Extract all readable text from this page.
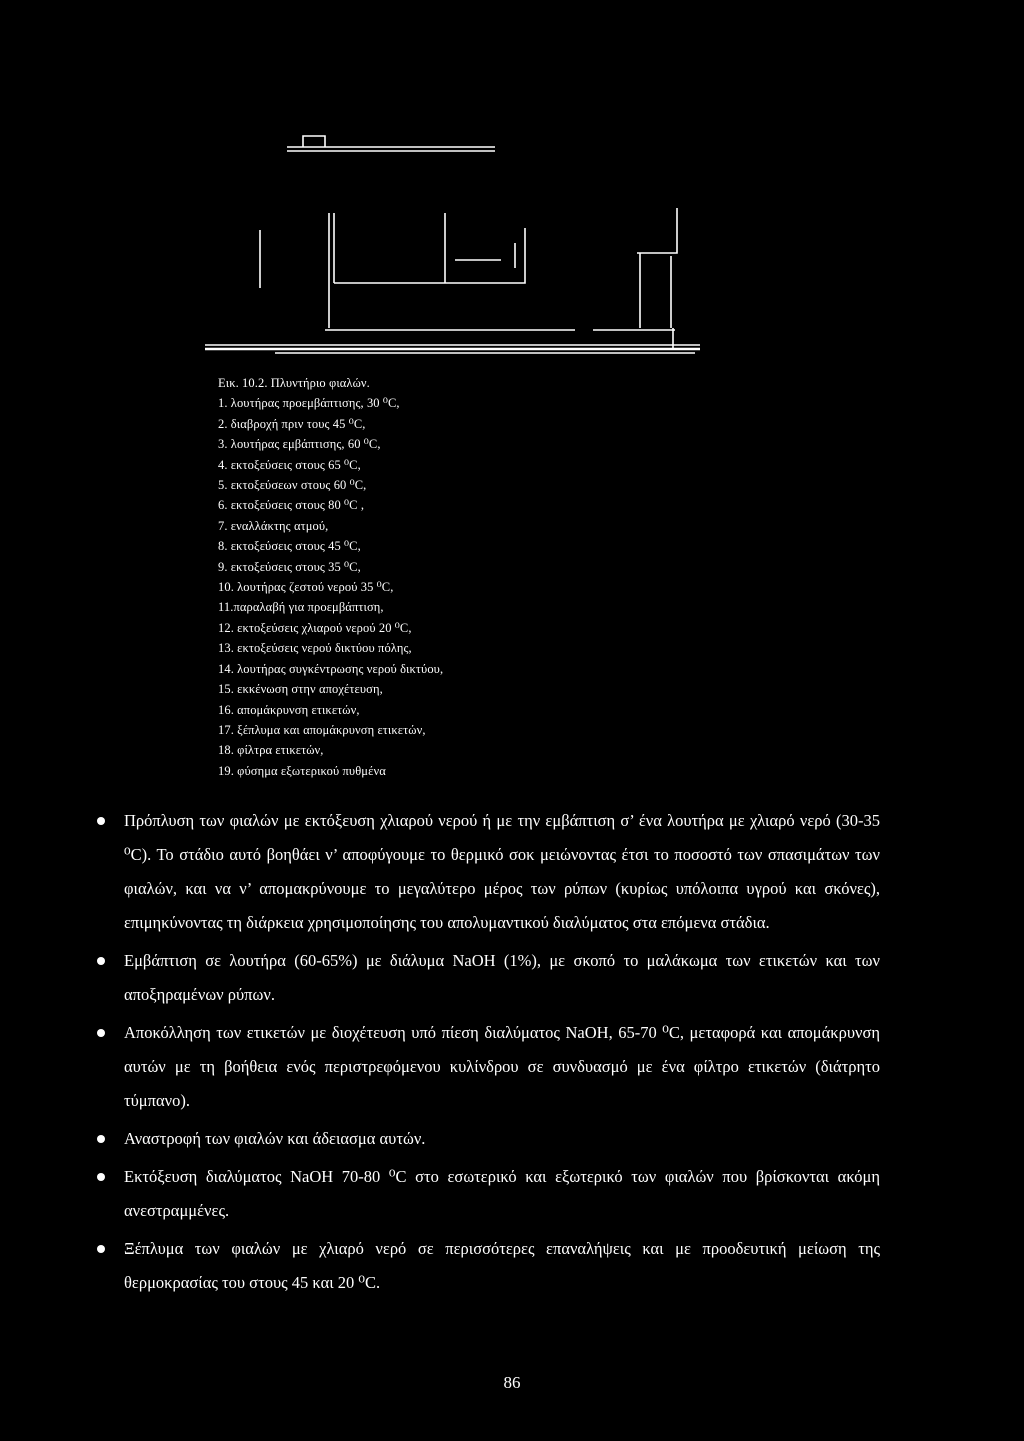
Εικ. 10.2. Πλυντήριο φιαλών.
1. λουτήρας προεμβάπτισης, 30 ⁰C,
2. διαβροχή πριν τους 45 ⁰C,
3. λουτήρας εμβάπτισης, 60 ⁰C,
4. εκτοξεύσεις στους 65 ⁰C,
5. εκτοξεύσεων στους 60 ⁰C,
6. εκτοξεύσεις στους 80 ⁰C ,
7. εναλλάκτης ατμού,
8. εκτοξεύσεις στους 45 ⁰C,
9. εκτοξεύσεις στους 35 ⁰C,
10. λουτήρας ζεστού νερού 35 ⁰C,
11.παραλαβή για προεμβάπτιση,
12. εκτοξεύσεις χλιαρού νερού 20 ⁰C,
13. εκτοξεύσεις νερού δικτύου πόλης,
14. λουτήρας συγκέντρωσης νερού δικτύου,
15. εκκένωση στην αποχέτευση,
16. απομάκρυνση ετικετών,
17. ξέπλυμα και απομάκρυνση ετικετών,
18. φίλτρα ετικετών,
19. φύσημα εξωτερικού πυθμένα
Πρόπλυση των φιαλών με εκτόξευση χλιαρού νερού ή με την εμβάπτιση σ’ ένα λουτήρα με χλιαρό νερό (30-35 ⁰C). Το στάδιο αυτό βοηθάει ν’ αποφύγουμε το θερμικό σοκ μειώνοντας έτσι το ποσοστό των σπασιμάτων των φιαλών, και να ν’ απομακρύνουμε το μεγαλύτερο μέρος των ρύπων (κυρίως υπόλοιπα υγρού και σκόνες), επιμηκύνοντας τη διάρκεια χρησιμοποίησης του απολυμαντικού διαλύματος στα επόμενα στάδια.
Εμβάπτιση σε λουτήρα (60-65%) με διάλυμα NaOH (1%), με σκοπό το μαλάκωμα των ετικετών και των αποξηραμένων ρύπων.
Αποκόλληση των ετικετών με διοχέτευση υπό πίεση διαλύματος NaOH, 65-70 ⁰C, μεταφορά και απομάκρυνση αυτών με τη βοήθεια ενός περιστρεφόμενου κυλίνδρου σε συνδυασμό με ένα φίλτρο ετικετών (διάτρητο τύμπανο).
Αναστροφή των φιαλών και άδειασμα αυτών.
Εκτόξευση διαλύματος NaOH 70-80 ⁰C στο εσωτερικό και εξωτερικό των φιαλών που βρίσκονται ακόμη ανεστραμμένες.
Ξέπλυμα των φιαλών με χλιαρό νερό σε περισσότερες επαναλήψεις και με προοδευτική μείωση της θερμοκρασίας του στους 45 και 20 ⁰C.
86
